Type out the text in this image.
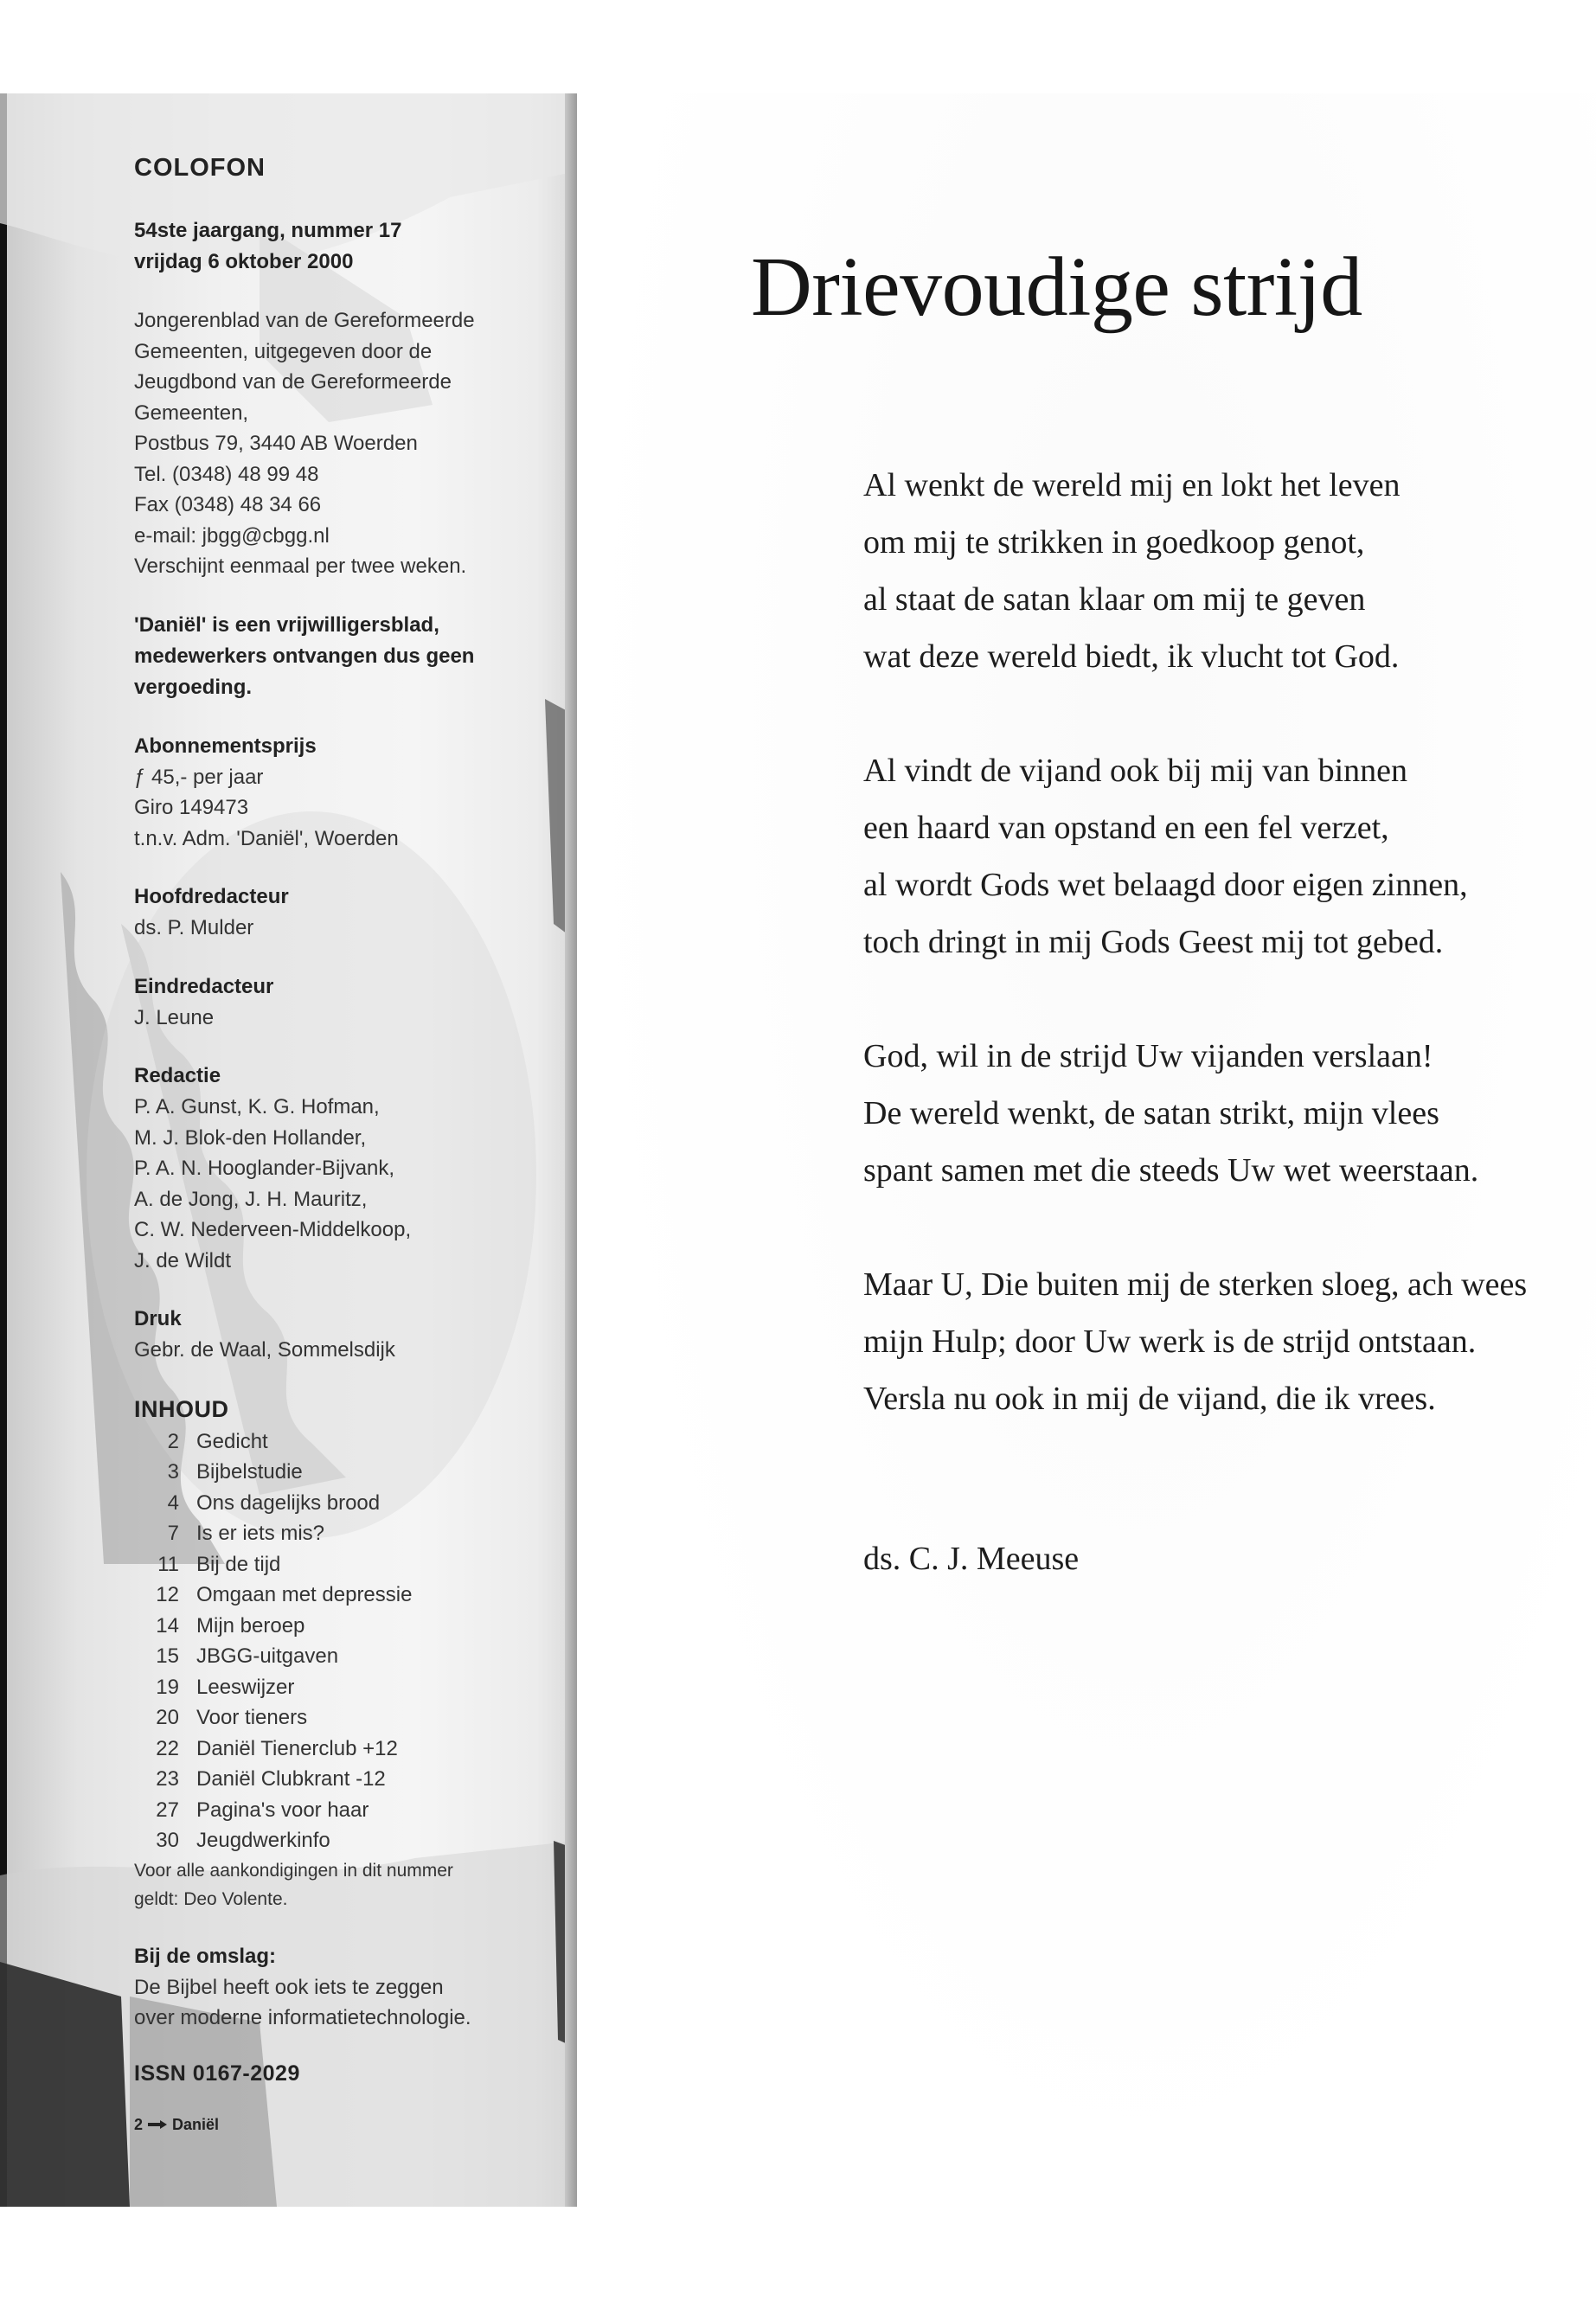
COLOFON
54ste jaargang, nummer 17
vrijdag 6 oktober 2000
Jongerenblad van de Gereformeerde
Gemeenten, uitgegeven door de
Jeugdbond van de Gereformeerde
Gemeenten,
Postbus 79, 3440 AB Woerden
Tel. (0348) 48 99 48
Fax (0348) 48 34 66
e-mail: jbgg@cbgg.nl
Verschijnt eenmaal per twee weken.
'Daniël' is een vrijwilligersblad,
medewerkers ontvangen dus geen
vergoeding.
Abonnementsprijs
ƒ 45,- per jaar
Giro 149473
t.n.v. Adm. 'Daniël', Woerden
Hoofdredacteur
ds. P. Mulder
Eindredacteur
J. Leune
Redactie
P. A. Gunst, K. G. Hofman,
M. J. Blok-den Hollander,
P. A. N. Hooglander-Bijvank,
A. de Jong, J. H. Mauritz,
C. W. Nederveen-Middelkoop,
J. de Wildt
Druk
Gebr. de Waal, Sommelsdijk
INHOUD
2 Gedicht
3 Bijbelstudie
4 Ons dagelijks brood
7 Is er iets mis?
11 Bij de tijd
12 Omgaan met depressie
14 Mijn beroep
15 JBGG-uitgaven
19 Leeswijzer
20 Voor tieners
22 Daniël Tienerclub +12
23 Daniël Clubkrant -12
27 Pagina's voor haar
30 Jeugdwerkinfo
Voor alle aankondigingen in dit nummer
geldt: Deo Volente.
Bij de omslag:
De Bijbel heeft ook iets te zeggen
over moderne informatietechnologie.
ISSN 0167-2029
2 Daniël
Drievoudige strijd
Al wenkt de wereld mij en lokt het leven
om mij te strikken in goedkoop genot,
al staat de satan klaar om mij te geven
wat deze wereld biedt, ik vlucht tot God.
Al vindt de vijand ook bij mij van binnen
een haard van opstand en een fel verzet,
al wordt Gods wet belaagd door eigen zinnen,
toch dringt in mij Gods Geest mij tot gebed.
God, wil in de strijd Uw vijanden verslaan!
De wereld wenkt, de satan strikt, mijn vlees
spant samen met die steeds Uw wet weerstaan.
Maar U, Die buiten mij de sterken sloeg, ach wees
mijn Hulp; door Uw werk is de strijd ontstaan.
Versla nu ook in mij de vijand, die ik vrees.
ds. C. J. Meeuse
